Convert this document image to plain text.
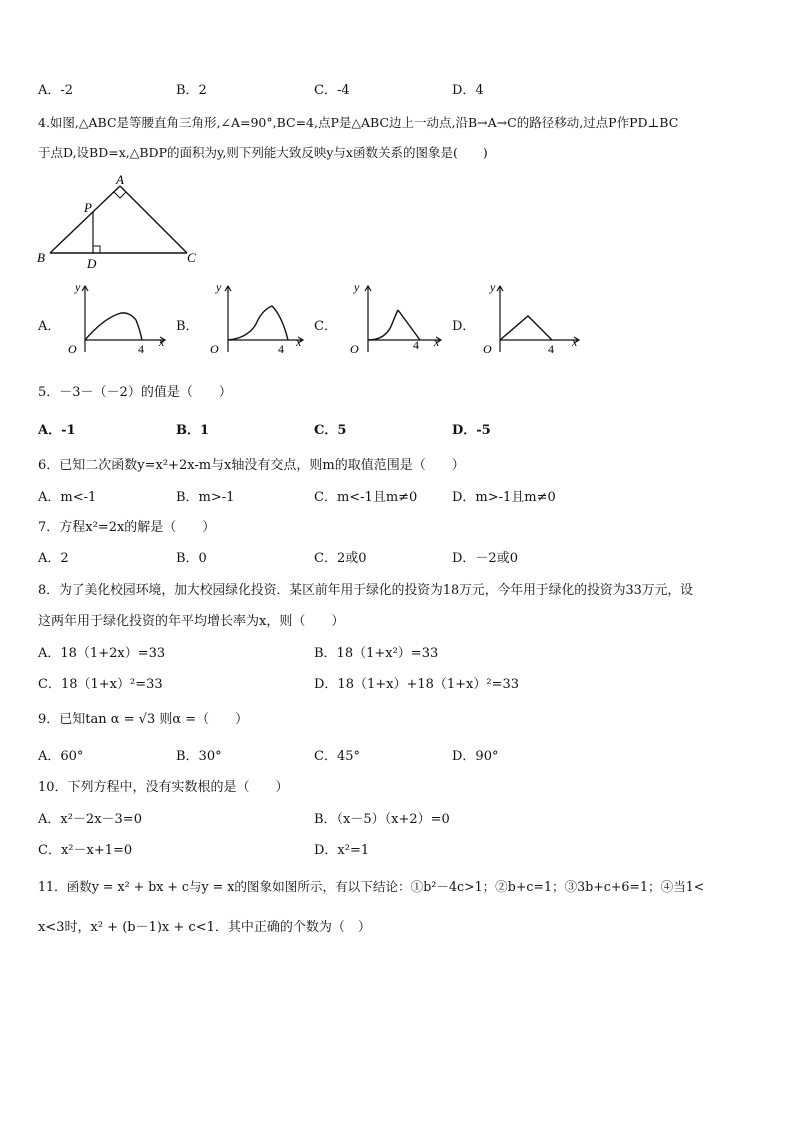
A．-2	B．2	C．-4	D．4
4.如图,△ABC是等腰直角三角形,∠A=90°,BC=4,点P是△ABC边上一动点,沿B→A→C的路径移动,过点P作PD⊥BC
于点D,设BD=x,△BDP的面积为y,则下列能大致反映y与x函数关系的图象是(　　)
A
P
B	D	C
A．	B．	C．	D．
y
O	4 x
y
O	4 x
y
O	4 x
y
O	4 x
5．－3－（－2）的值是（　　）
A．-1	B．1	C．5	D．-5
6．已知二次函数y=x²+2x-m与x轴没有交点，则m的取值范围是（　　）
A．m<-1	B．m>-1	C．m<-1且m≠0	D．m>-1且m≠0
7．方程x²=2x的解是（　　）
A．2	B．0	C．2或0	D．－2或0
8．为了美化校园环境，加大校园绿化投资．某区前年用于绿化的投资为18万元，今年用于绿化的投资为33万元，设
这两年用于绿化投资的年平均增长率为x，则（　　）
A．18（1+2x）=33	B．18（1+x²）=33
C．18（1+x）²=33	D．18（1+x）+18（1+x）²=33
9．已知tan α = √3 则α =（　　）
A．60°	B．30°	C．45°	D．90°
10．下列方程中，没有实数根的是（　　）
A．x²－2x－3=0	B．（x－5）（x+2）=0
C．x²－x+1=0	D．x²=1
11．函数y = x² + bx + c与y = x的图象如图所示，有以下结论：①b²－4c>1；②b+c=1；③3b+c+6=1；④当1<
x<3时，x² + (b－1)x + c<1．其中正确的个数为（　）
